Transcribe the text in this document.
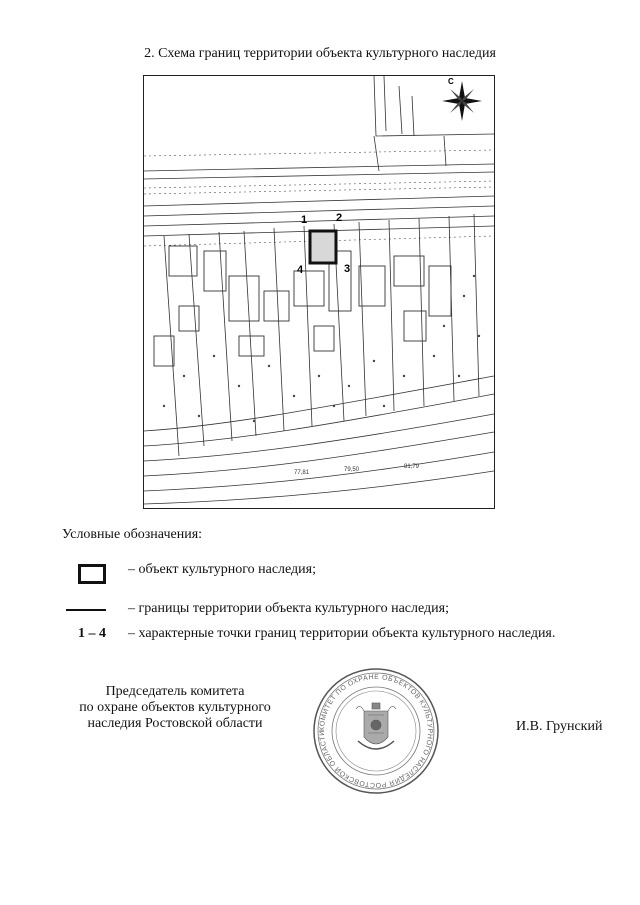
2. Схема границ территории объекта культурного наследия
1	2
3
4
77,81	79,50	81,79
С
Условные обозначения:
– объект культурного наследия;
– границы территории объекта культурного наследия;
1 – 4 – характерные точки границ территории объекта культурного наследия.
Председатель комитета
по охране объектов культурного
наследия Ростовской области	КОМИТЕТ ПО ОХРАНЕ ОБЪЕКТОВ КУЛЬТУРНОГО НАСЛЕДИЯ РОСТОВСКОЙ ОБЛАСТИ	И.В. Грунский
